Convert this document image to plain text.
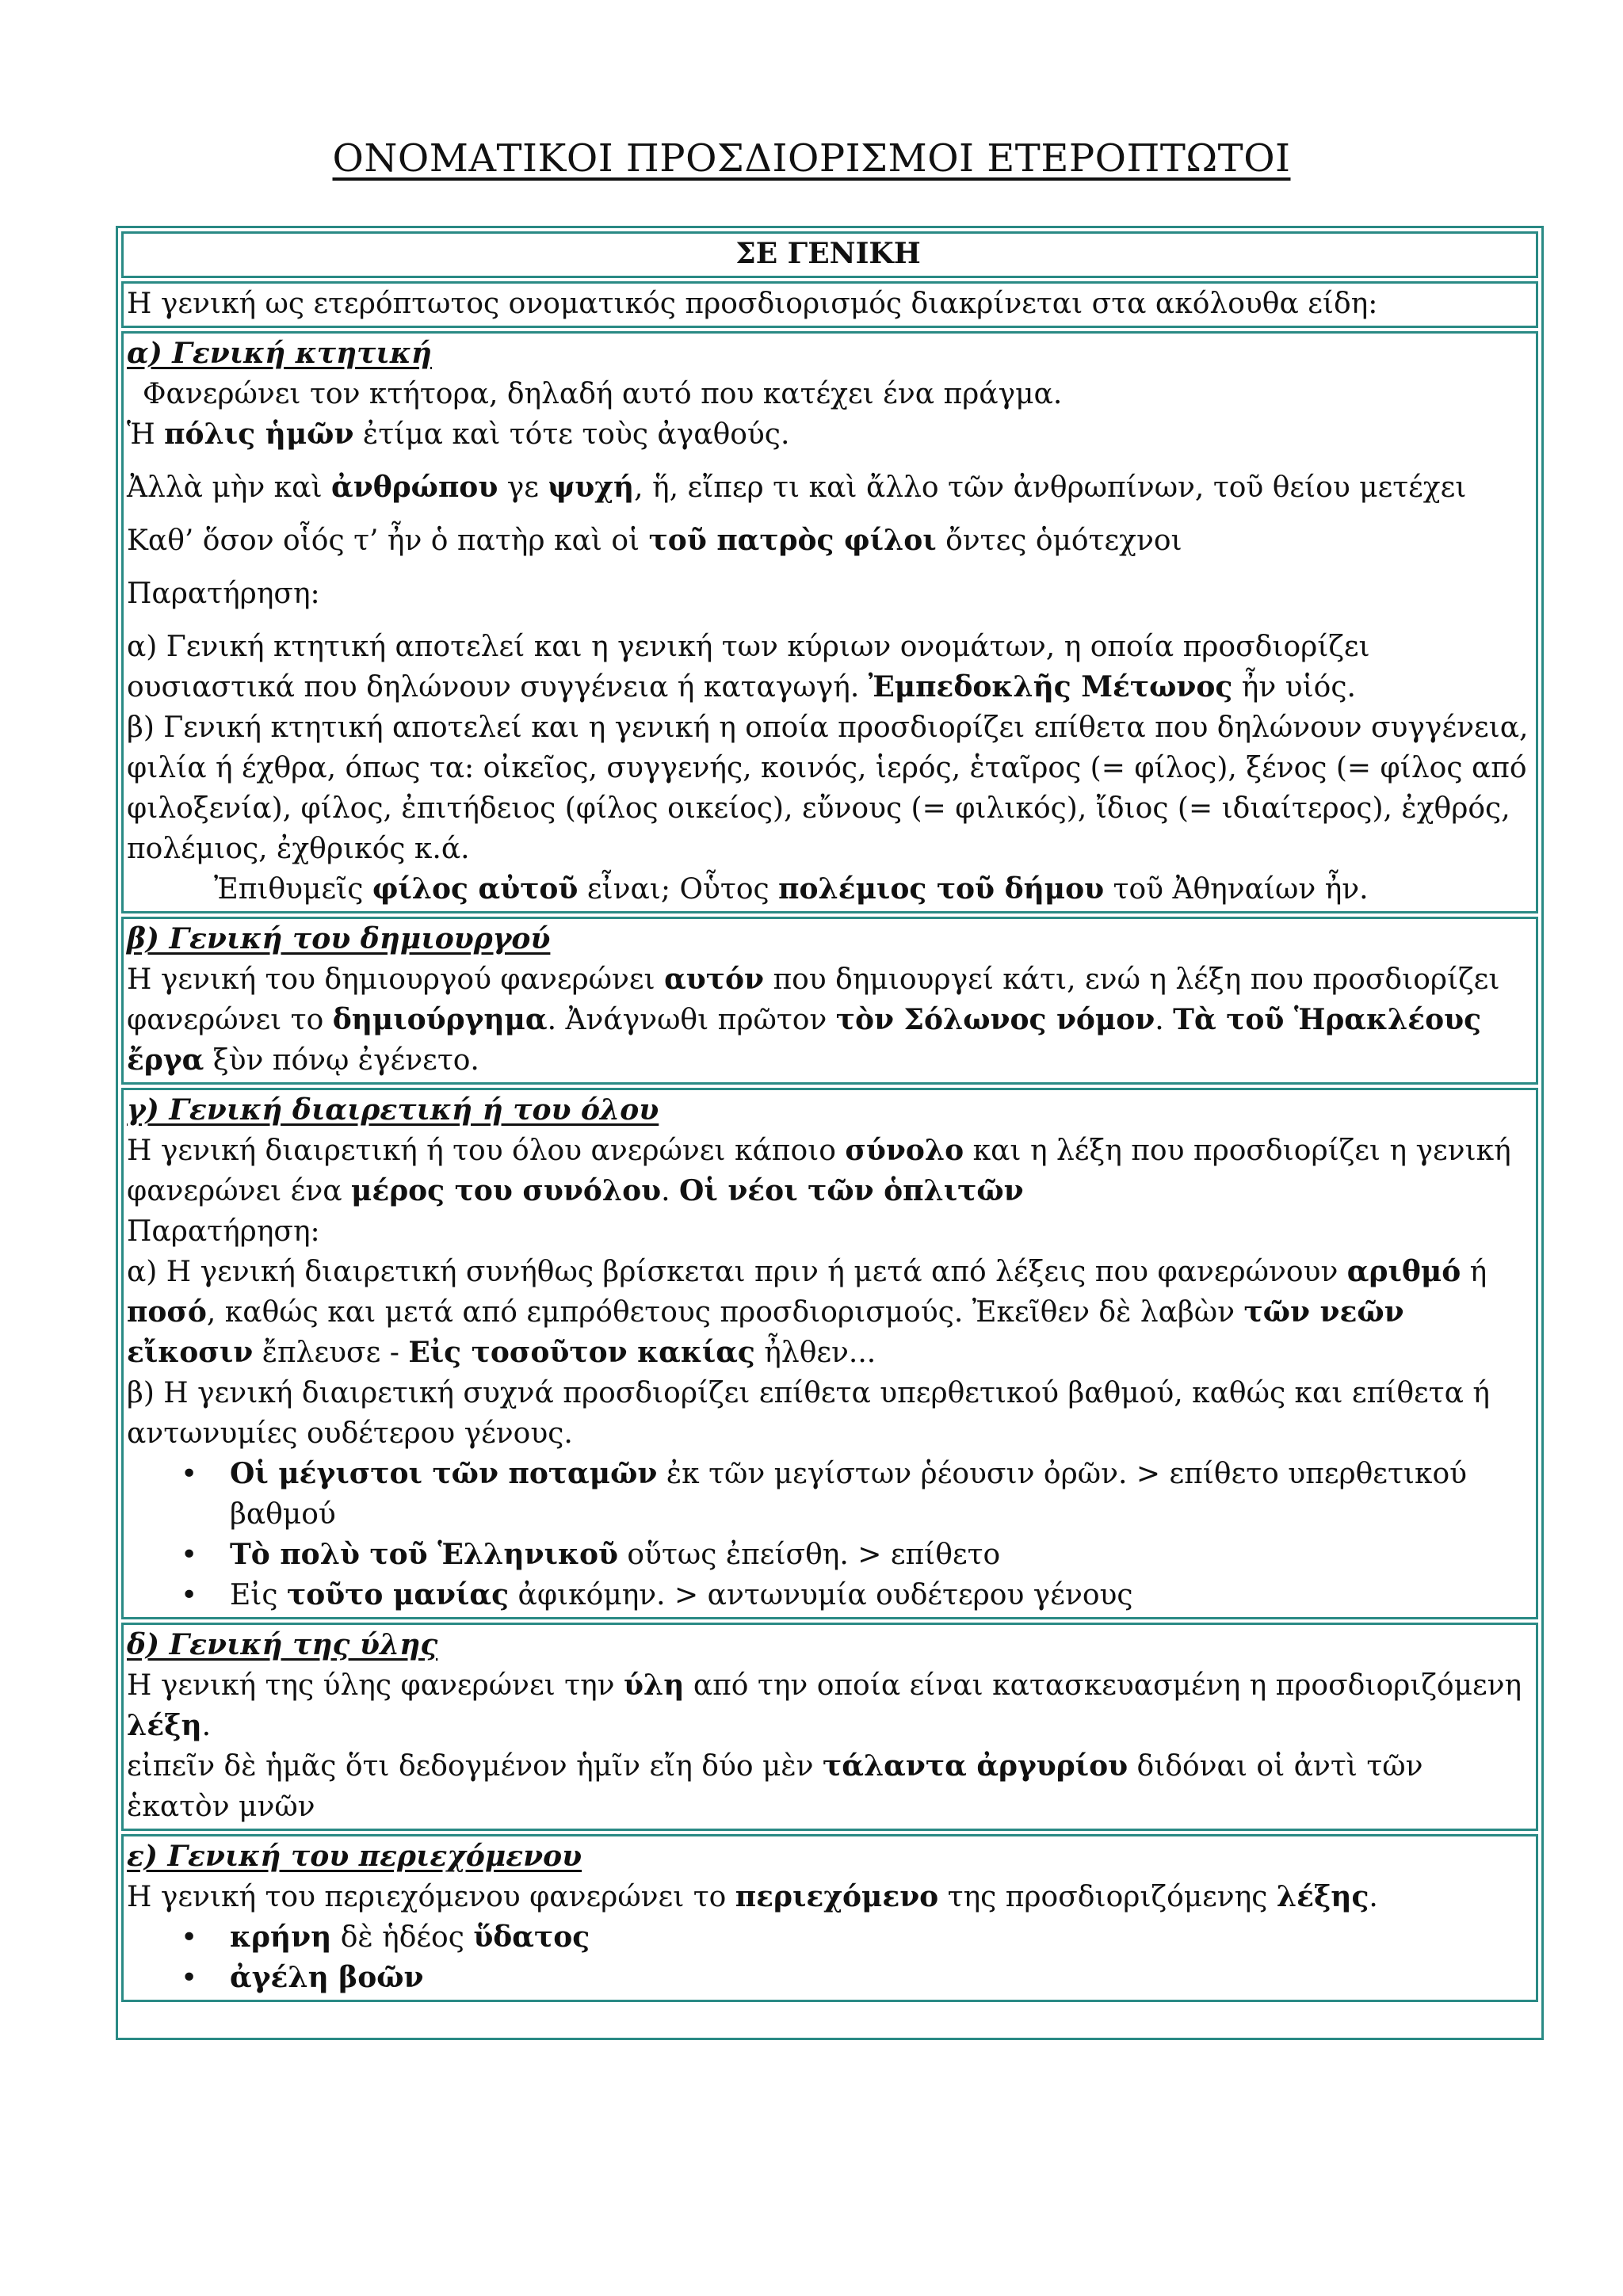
ΟΝΟΜΑΤΙΚΟΙ ΠΡΟΣΔΙΟΡΙΣΜΟΙ ΕΤΕΡΟΠΤΩΤΟΙ
ΣΕ ΓΕΝΙΚΗ
Η γενική ως ετερόπτωτος ονοματικός προσδιορισμός διακρίνεται στα ακόλουθα είδη:
α) Γενική κτητική
Φανερώνει τον κτήτορα, δηλαδή αυτό που κατέχει ένα πράγμα.
Ἡ πόλις ἡμῶν ἐτίμα καὶ τότε τοὺς ἀγαθούς.
Ἀλλὰ μὴν καὶ ἀνθρώπου γε ψυχή, ἥ, εἴπερ τι καὶ ἄλλο τῶν ἀνθρωπίνων, τοῦ θείου μετέχει
Καθ’ ὅσον οἷός τ’ ἦν ὁ πατὴρ καὶ οἱ τοῦ πατρὸς φίλοι ὄντες ὁμότεχνοι
Παρατήρηση:
α) Γενική κτητική αποτελεί και η γενική των κύριων ονομάτων, η οποία προσδιορίζει ουσιαστικά που δηλώνουν συγγένεια ή καταγωγή. Ἐμπεδοκλῆς Μέτωνος ἦν υἱός.
β) Γενική κτητική αποτελεί και η γενική η οποία προσδιορίζει επίθετα που δηλώνουν συγγένεια, φιλία ή έχθρα, όπως τα: οἰκεῖος, συγγενής, κοινός, ἱερός, ἑταῖρος (= φίλος), ξένος (= φίλος από φιλοξενία), φίλος, ἐπιτήδειος (φίλος οικείος), εὔνους (= φιλικός), ἴδιος (= ιδιαίτερος), ἐχθρός, πολέμιος, ἐχθρικός κ.ά.
Ἐπιθυμεῖς φίλος αὐτοῦ εἶναι; Οὗτος πολέμιος τοῦ δήμου τοῦ Ἀθηναίων ἦν.
β) Γενική του δημιουργού
Η γενική του δημιουργού φανερώνει αυτόν που δημιουργεί κάτι, ενώ η λέξη που προσδιορίζει φανερώνει το δημιούργημα. Ἀνάγνωθι πρῶτον τὸν Σόλωνος νόμον. Τὰ τοῦ Ἡρακλέους ἔργα ξὺν πόνῳ ἐγένετο.
γ) Γενική διαιρετική ή του όλου
Η γενική διαιρετική ή του όλου ανερώνει κάποιο σύνολο και η λέξη που προσδιορίζει η γενική φανερώνει ένα μέρος του συνόλου. Οἱ νέοι τῶν ὁπλιτῶν
Παρατήρηση:
α) Η γενική διαιρετική συνήθως βρίσκεται πριν ή μετά από λέξεις που φανερώνουν αριθμό ή ποσό, καθώς και μετά από εμπρόθετους προσδιορισμούς. Ἐκεῖθεν δὲ λαβὼν τῶν νεῶν εἴκοσιν ἔπλευσε - Εἰς τοσοῦτον κακίας ἦλθεν...
β) Η γενική διαιρετική συχνά προσδιορίζει επίθετα υπερθετικού βαθμού, καθώς και επίθετα ή αντωνυμίες ουδέτερου γένους.
• Οἱ μέγιστοι τῶν ποταμῶν ἐκ τῶν μεγίστων ῥέουσιν ὀρῶν. > επίθετο υπερθετικού βαθμού
• Τὸ πολὺ τοῦ Ἑλληνικοῦ οὕτως ἐπείσθη. > επίθετο
• Εἰς τοῦτο μανίας ἀφικόμην. > αντωνυμία ουδέτερου γένους
δ) Γενική της ύλης
Η γενική της ύλης φανερώνει την ύλη από την οποία είναι κατασκευασμένη η προσδιοριζόμενη λέξη.
εἰπεῖν δὲ ἡμᾶς ὅτι δεδογμένον ἡμῖν εἴη δύο μὲν τάλαντα ἀργυρίου διδόναι οἱ ἀντὶ τῶν ἑκατὸν μνῶν
ε) Γενική του περιεχόμενου
Η γενική του περιεχόμενου φανερώνει το περιεχόμενο της προσδιοριζόμενης λέξης.
• κρήνη δὲ ἡδέος ὕδατος
• ἀγέλη βοῶν
